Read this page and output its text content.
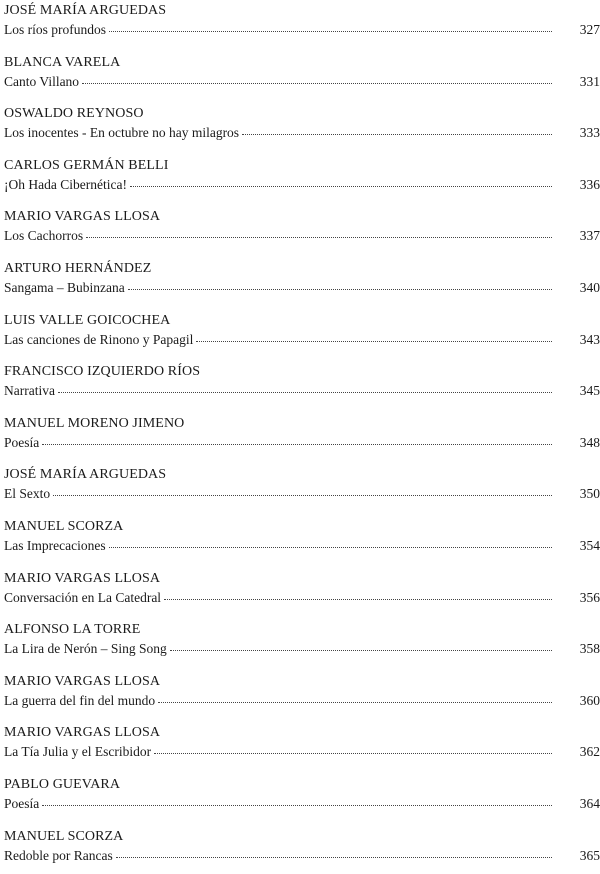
JOSÉ MARÍA ARGUEDAS
Los ríos profundos	327
BLANCA VARELA
Canto Villano	331
OSWALDO REYNOSO
Los inocentes - En octubre no hay milagros	333
CARLOS GERMÁN BELLI
¡Oh Hada Cibernética!	336
MARIO VARGAS LLOSA
Los Cachorros	337
ARTURO HERNÁNDEZ
Sangama – Bubinzana	340
LUIS VALLE GOICOCHEA
Las canciones de Rinono y Papagil	343
FRANCISCO IZQUIERDO RÍOS
Narrativa	345
MANUEL MORENO JIMENO
Poesía	348
JOSÉ MARÍA ARGUEDAS
El Sexto	350
MANUEL SCORZA
Las Imprecaciones	354
MARIO VARGAS LLOSA
Conversación en La Catedral	356
ALFONSO LA TORRE
La Lira de Nerón – Sing Song	358
MARIO VARGAS LLOSA
La guerra del fin del mundo	360
MARIO VARGAS LLOSA
La Tía Julia y el Escribidor	362
PABLO GUEVARA
Poesía	364
MANUEL SCORZA
Redoble por Rancas	365
